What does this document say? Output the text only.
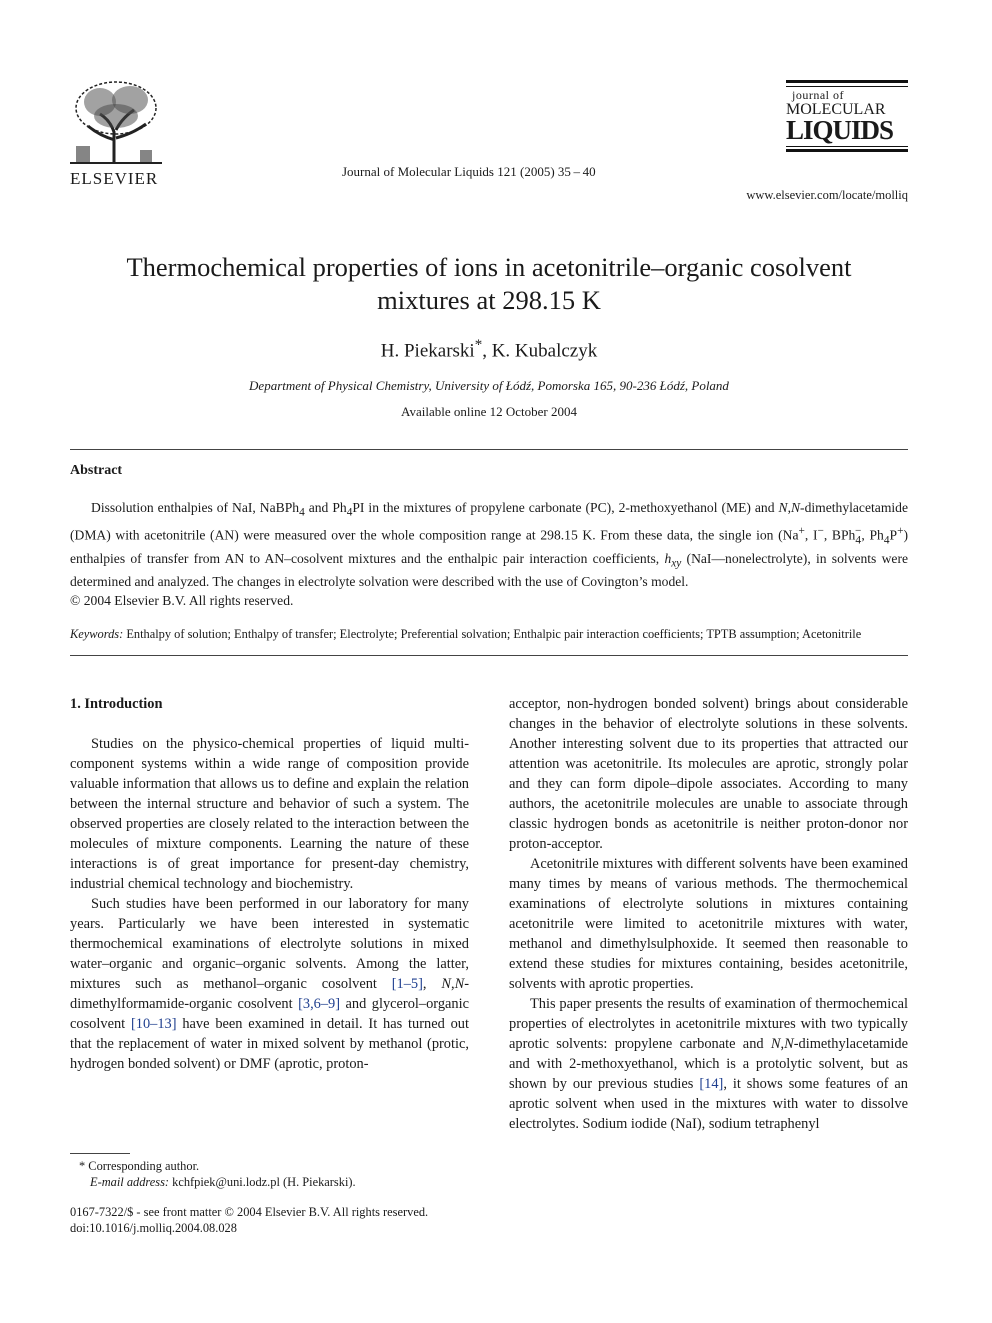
ELSEVIER	Journal of Molecular Liquids 121 (2005) 35 – 40
journal of
MOLECULAR
LIQUIDS
www.elsevier.com/locate/molliq
Thermochemical properties of ions in acetonitrile–organic cosolvent
mixtures at 298.15 K
H. Piekarski*, K. Kubalczyk
Department of Physical Chemistry, University of Łódź, Pomorska 165, 90-236 Łódź, Poland
Available online 12 October 2004
Abstract

Dissolution enthalpies of NaI, NaBPh$_4$ and $Ph_4PI$ in the mixtures of propylene carbonate (PC), 2-methoxyethanol (ME) and N,N-dimethylacetamide (DMA) with acetonitrile (AN) were measured over the whole composition range at 298.15 K. From these data, the single ion (Na+, I−, BPh$_4$−, $Ph_4P^+$) enthalpies of transfer from AN to AN–cosolvent mixtures and the enthalpic pair interaction coefficients, $h_{xy}$ (NaI—nonelectrolyte), in solvents were determined and analyzed. The changes in electrolyte solvation were described with the use of Covington’s model.

© 2004 Elsevier B.V. All rights reserved.

Keywords: Enthalpy of solution; Enthalpy of transfer; Electrolyte; Preferential solvation; Enthalpic pair interaction coefficients; TPTB assumption; Acetonitrile
1. Introduction

Studies on the physico-chemical properties of liquid multi-component systems within a wide range of composition provide valuable information that allows us to define and explain the relation between the internal structure and behavior of such a system. The observed properties are closely related to the interaction between the molecules of mixture components. Learning the nature of these interactions is of great importance for present-day chemistry, industrial chemical technology and biochemistry.

Such studies have been performed in our laboratory for many years. Particularly we have been interested in systematic thermochemical examinations of electrolyte solutions in mixed water–organic and organic–organic solvents. Among the latter, mixtures such as methanol–organic cosolvent [1–5], N,N-dimethylformamide-organic cosolvent [3,6–9] and glycerol–organic cosolvent [10–13] have been examined in detail. It has turned out that the replacement of water in mixed solvent by methanol (protic, hydrogen bonded solvent) or DMF (aprotic, proton-

acceptor, non-hydrogen bonded solvent) brings about considerable changes in the behavior of electrolyte solutions in these solvents. Another interesting solvent due to its properties that attracted our attention was acetonitrile. Its molecules are aprotic, strongly polar and they can form dipole–dipole associates. According to many authors, the acetonitrile molecules are unable to associate through classic hydrogen bonds as acetonitrile is neither proton-donor nor proton-acceptor.

Acetonitrile mixtures with different solvents have been examined many times by means of various methods. The thermochemical examinations of electrolyte solutions in mixtures containing acetonitrile were limited to acetonitrile mixtures with water, methanol and dimethylsulphoxide. It seemed then reasonable to extend these studies for mixtures containing, besides acetonitrile, solvents with aprotic properties.

This paper presents the results of examination of thermochemical properties of electrolytes in acetonitrile mixtures with two typically aprotic solvents: propylene carbonate and N,N-dimethylacetamide and with 2-methoxyethanol, which is a protolytic solvent, but as shown by our previous studies [14], it shows some features of an aprotic solvent when used in the mixtures with water to dissolve electrolytes. Sodium iodide (NaI), sodium tetraphenyl

* Corresponding author.
E-mail address: kchfpiek@uni.lodz.pl (H. Piekarski).
0167-7322/$ - see front matter © 2004 Elsevier B.V. All rights reserved.
doi:10.1016/j.molliq.2004.08.028
